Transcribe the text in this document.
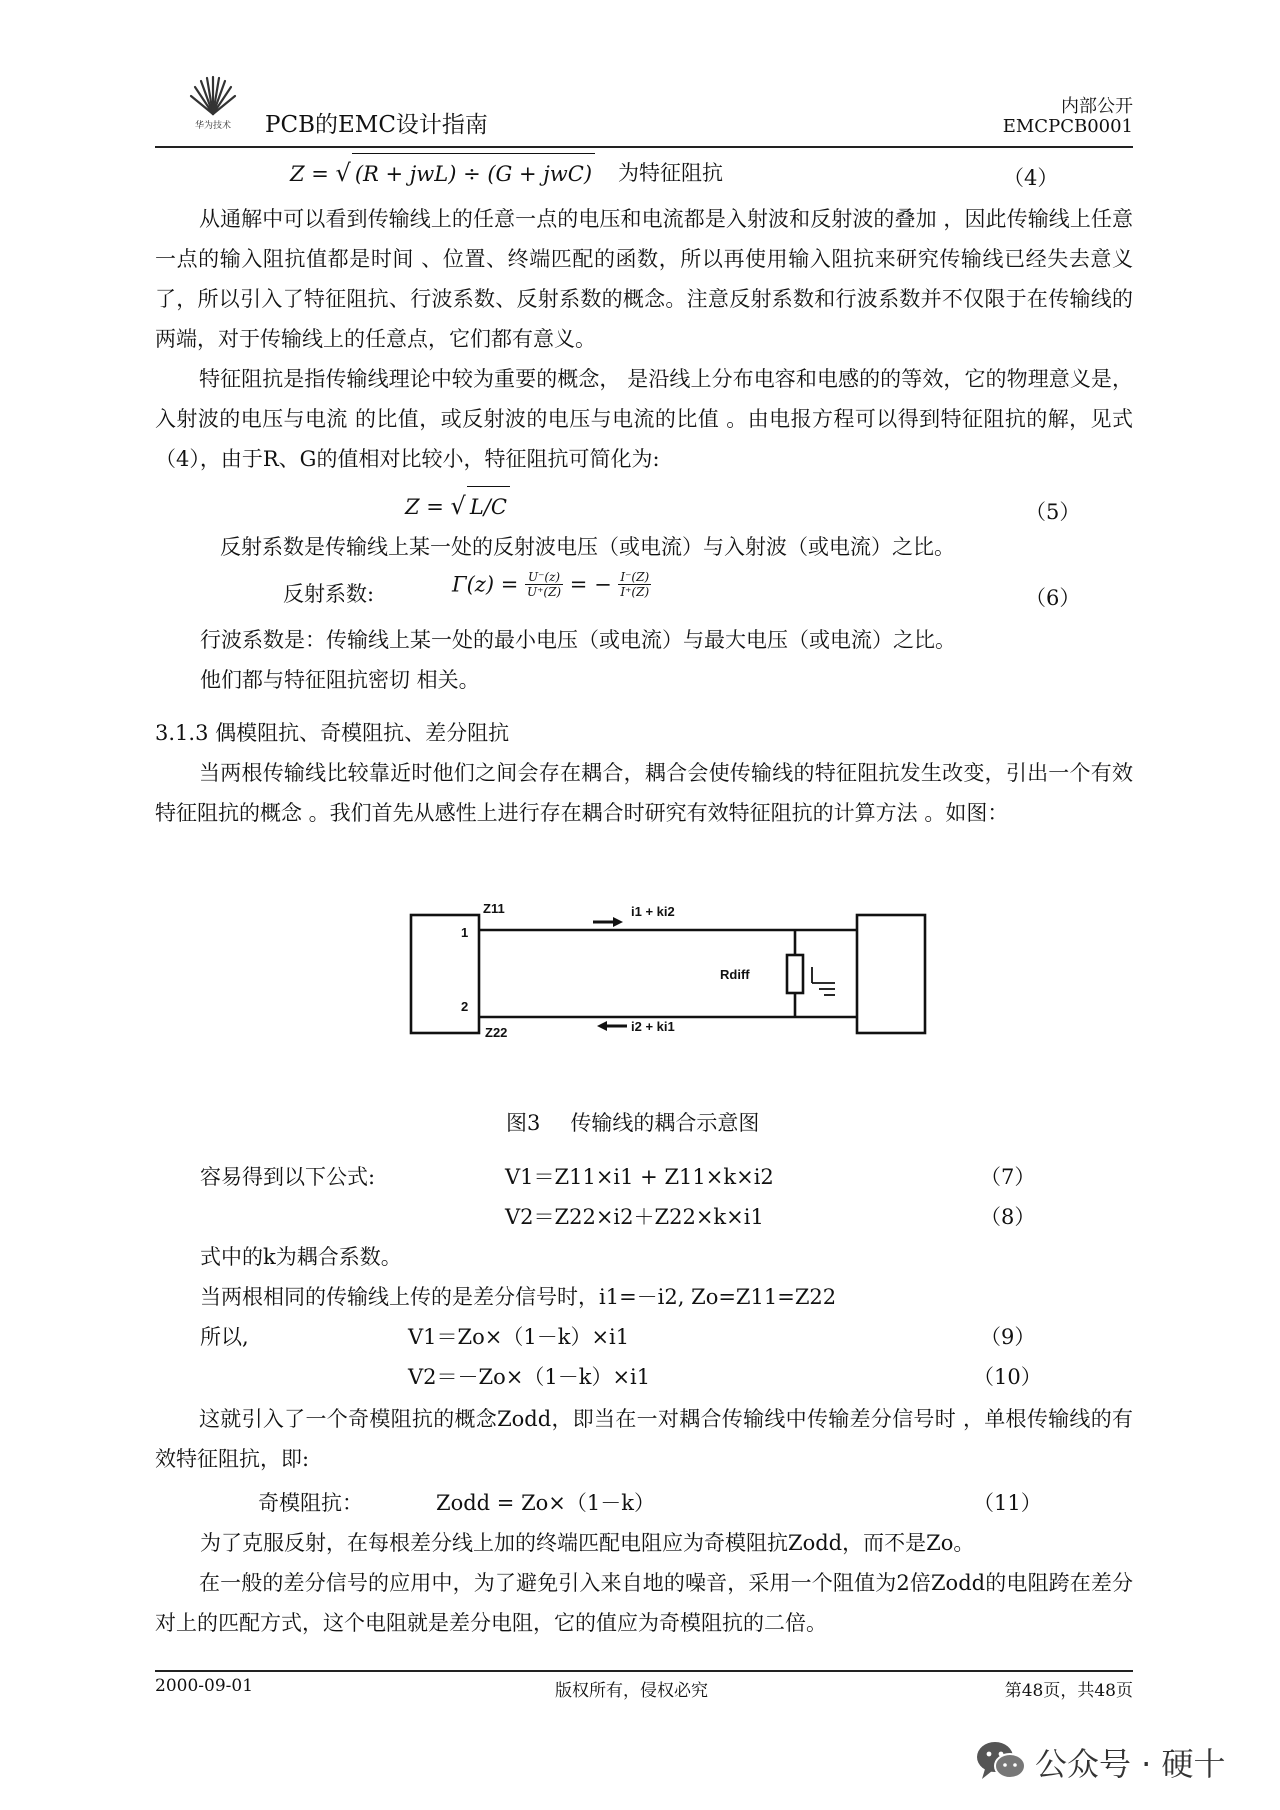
华为技术	PCB的EMC设计指南
内部公开
EMCPCB0001
Z = √ (R + jwL) ÷ (G + jwC) 为特征阻抗	（4）
从通解中可以看到传输线上的任意一点的电压和电流都是入射波和反射波的叠加 ，因此传输线上任意一点的输入阻抗值都是时间 、位置、终端匹配的函数，所以再使用输入阻抗来研究传输线已经失去意义了，所以引入了特征阻抗、行波系数、反射系数的概念。注意反射系数和行波系数并不仅限于在传输线的两端，对于传输线上的任意点，它们都有意义。
特征阻抗是指传输线理论中较为重要的概念， 是沿线上分布电容和电感的的等效，它的物理意义是，入射波的电压与电流 的比值，或反射波的电压与电流的比值 。由电报方程可以得到特征阻抗的解，见式（4），由于R、G的值相对比较小，特征阻抗可简化为:
Z = √ L/C	（5）
反射系数是传输线上某一处的反射波电压（或电流）与入射波（或电流）之比。
反射系数:	$\Gamma(z) = \frac{U^-(z)}{U^+(Z)}$ = − $\frac{I^-(Z)}{I^+(Z)}$	（6）
行波系数是：传输线上某一处的最小电压（或电流）与最大电压（或电流）之比。
他们都与特征阻抗密切 相关。
3.1.3 偶模阻抗、奇模阻抗、差分阻抗
当两根传输线比较靠近时他们之间会存在耦合，耦合会使传输线的特征阻抗发生改变，引出一个有效特征阻抗的概念 。我们首先从感性上进行存在耦合时研究有效特征阻抗的计算方法 。如图：
Z11
1
2
Z22
i1 + ki2
i2 + ki1
Rdiff
图3 传输线的耦合示意图
容易得到以下公式:	V1＝Z11×i1 + Z11×k×i2	（7）
V2＝Z22×i2＋Z22×k×i1	（8）
式中的k为耦合系数。
当两根相同的传输线上传的是差分信号时，i1=－i2, Zo=Z11=Z22
所以,	V1＝Zo×（1－k）×i1	（9）
V2＝－Zo×（1－k）×i1	（10）
这就引入了一个奇模阻抗的概念Zodd，即当在一对耦合传输线中传输差分信号时 ，单根传输线的有效特征阻抗，即:
奇模阻抗：	Zodd = Zo×（1－k）	（11）
为了克服反射，在每根差分线上加的终端匹配电阻应为奇模阻抗Zodd，而不是Zo。
在一般的差分信号的应用中，为了避免引入来自地的噪音，采用一个阻值为2倍Zodd的电阻跨在差分对上的匹配方式，这个电阻就是差分电阻，它的值应为奇模阻抗的二倍。
2000-09-01	版权所有，侵权必究	第48页，共48页
公众号 · 硬十
